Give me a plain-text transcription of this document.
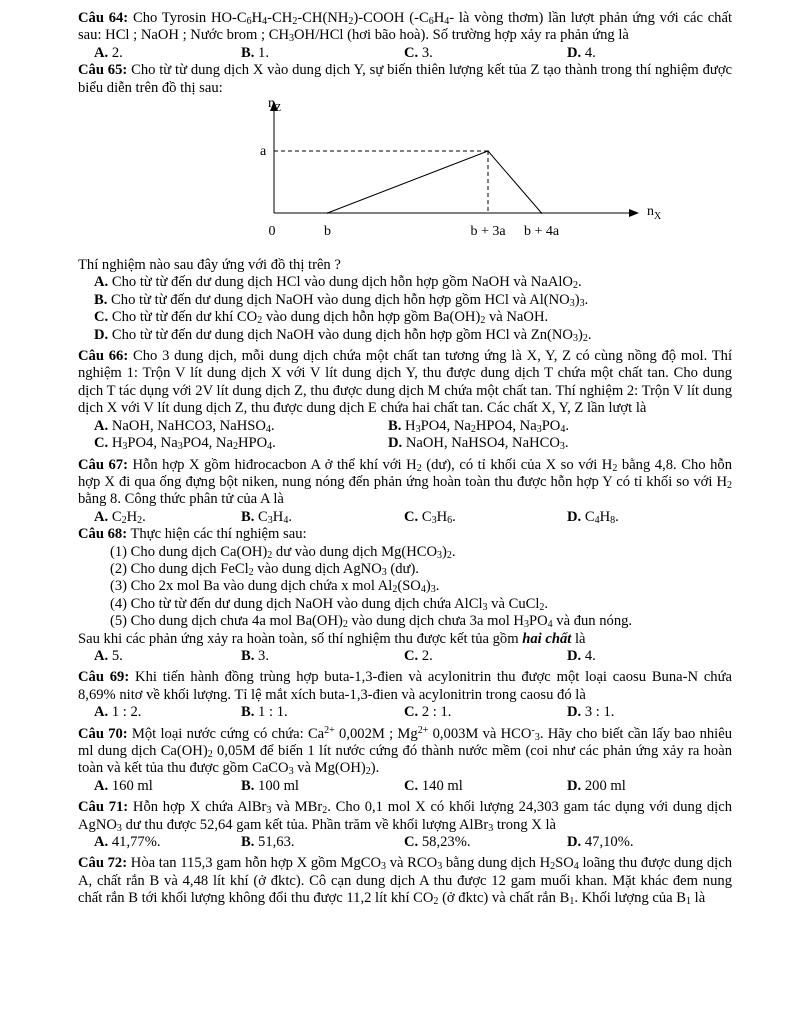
Câu 64: Cho Tyrosin $HO-C_6H_4-CH_2-CH(NH_2)$-COOH ($-C_6H_4-$ là vòng thơm) lần lượt phản ứng với các chất sau: HCl ; NaOH ; Nước brom ; $CH_3OH$/HCl (hơi bão hoà). Số trường hợp xảy ra phản ứng là

A. 2.	B. 1.	C. 3.	D. 4.

Câu 65: Cho từ từ dung dịch X vào dung dịch Y, sự biến thiên lượng kết tủa Z tạo thành trong thí nghiệm được biểu diễn trên đồ thị sau:

$n_Z$
$n_X$
a
0	b	b + 3a b + 4a

Thí nghiệm nào sau đây ứng với đồ thị trên ?

A. Cho từ từ đến dư dung dịch HCl vào dung dịch hỗn hợp gồm NaOH và NaAlO$_2$.

B. Cho từ từ đến dư dung dịch NaOH vào dung dịch hỗn hợp gồm HCl và $Al(NO_3)_3$.

C. Cho từ từ đến dư khí $CO_2$ vào dung dịch hỗn hợp gồm $Ba(OH)_2$ và NaOH.

D. Cho từ từ đến dư dung dịch NaOH vào dung dịch hỗn hợp gồm HCl và $Zn(NO_3)_2$.

Câu 66: Cho 3 dung dịch, mỗi dung dịch chứa một chất tan tương ứng là X, Y, Z có cùng nồng độ mol. Thí nghiệm 1: Trộn V lít dung dịch X với V lít dung dịch Y, thu được dung dịch T chứa một chất tan. Cho dung dịch T tác dụng với 2V lít dung dịch Z, thu được dung dịch M chứa một chất tan. Thí nghiệm 2: Trộn V lít dung dịch X với V lít dung dịch Z, thu được dung dịch E chứa hai chất tan. Các chất X, Y, Z lần lượt là

A. NaOH, NaHCO3, NaHSO$_4$.	B. $H_3PO4$, $Na_2HPO4$, $Na_3PO_4$.
C. $H_3PO4$, $Na_3PO4$, $Na_2HPO_4$.	D. NaOH, NaHSO4, NaHCO$_3$.

Câu 67: Hỗn hợp X gồm hiđrocacbon A ở thể khí với $H_2$ (dư), có tỉ khối của X so với $H_2$ bằng 4,8. Cho hỗn hợp X đi qua ống đựng bột niken, nung nóng đến phản ứng hoàn toàn thu được hỗn hợp Y có tỉ khối so với $H_2$ bằng 8. Công thức phân tử của A là

A. $C_2H_2$.	B. $C_3H_4$.	C. $C_3H_6$.	D. $C_4H_8$.

Câu 68: Thực hiện các thí nghiệm sau:

(1) Cho dung dịch $Ca(OH)_2$ dư vào dung dịch $Mg(HCO_3)_2$.

(2) Cho dung dịch FeCl$_2$ vào dung dịch AgNO$_3$ (dư).

(3) Cho 2x mol Ba vào dung dịch chứa x mol $Al_2(SO_4)_3$.

(4) Cho từ từ đến dư dung dịch NaOH vào dung dịch chứa AlCl$_3$ và CuCl$_2$.

(5) Cho dung dịch chưa 4a mol $Ba(OH)_2$ vào dung dịch chưa 3a mol $H_3PO_4$ và đun nóng.

Sau khi các phản ứng xảy ra hoàn toàn, số thí nghiệm thu được kết tủa gồm hai chất là

A. 5.	B. 3.	C. 2.	D. 4.

Câu 69: Khi tiến hành đồng trùng hợp buta-1,3-đien và acylonitrin thu được một loại caosu Buna-N chứa 8,69% nitơ về khối lượng. Tỉ lệ mắt xích buta-1,3-đien và acylonitrin trong caosu đó là

A. 1 : 2.	B. 1 : 1.	C. 2 : 1.	D. 3 : 1.

Câu 70: Một loại nước cứng có chứa: $Ca^{2+}$ 0,002M ; $Mg^{2+}$ 0,003M và $HCO^-_3$. Hãy cho biết cần lấy bao nhiêu ml dung dịch $Ca(OH)_2$ 0,05M để biến 1 lít nước cứng đó thành nước mềm (coi như các phản ứng xảy ra hoàn toàn và kết tủa thu được gồm CaCO$_3$ và $Mg(OH)_2$).

A. 160 ml	B. 100 ml	C. 140 ml	D. 200 ml

Câu 71: Hỗn hợp X chứa AlBr$_3$ và MBr$_2$. Cho 0,1 mol X có khối lượng 24,303 gam tác dụng với dung dịch AgNO$_3$ dư thu được 52,64 gam kết tủa. Phần trăm về khối lượng AlBr$_3$ trong X là

A. 41,77%.	B. 51,63.	C. 58,23%.	D. 47,10%.

Câu 72: Hòa tan 115,3 gam hỗn hợp X gồm MgCO$_3$ và $RCO_3$ bằng dung dịch $H_2SO_4$ loãng thu được dung dịch A, chất rắn B và 4,48 lít khí (ở đktc). Cô cạn dung dịch A thu được 12 gam muối khan. Mặt khác đem nung chất rắn B tới khối lượng không đổi thu được 11,2 lít khí $CO_2$ (ở đktc) và chất rắn $B_1$. Khối lượng của $B_1$ là
